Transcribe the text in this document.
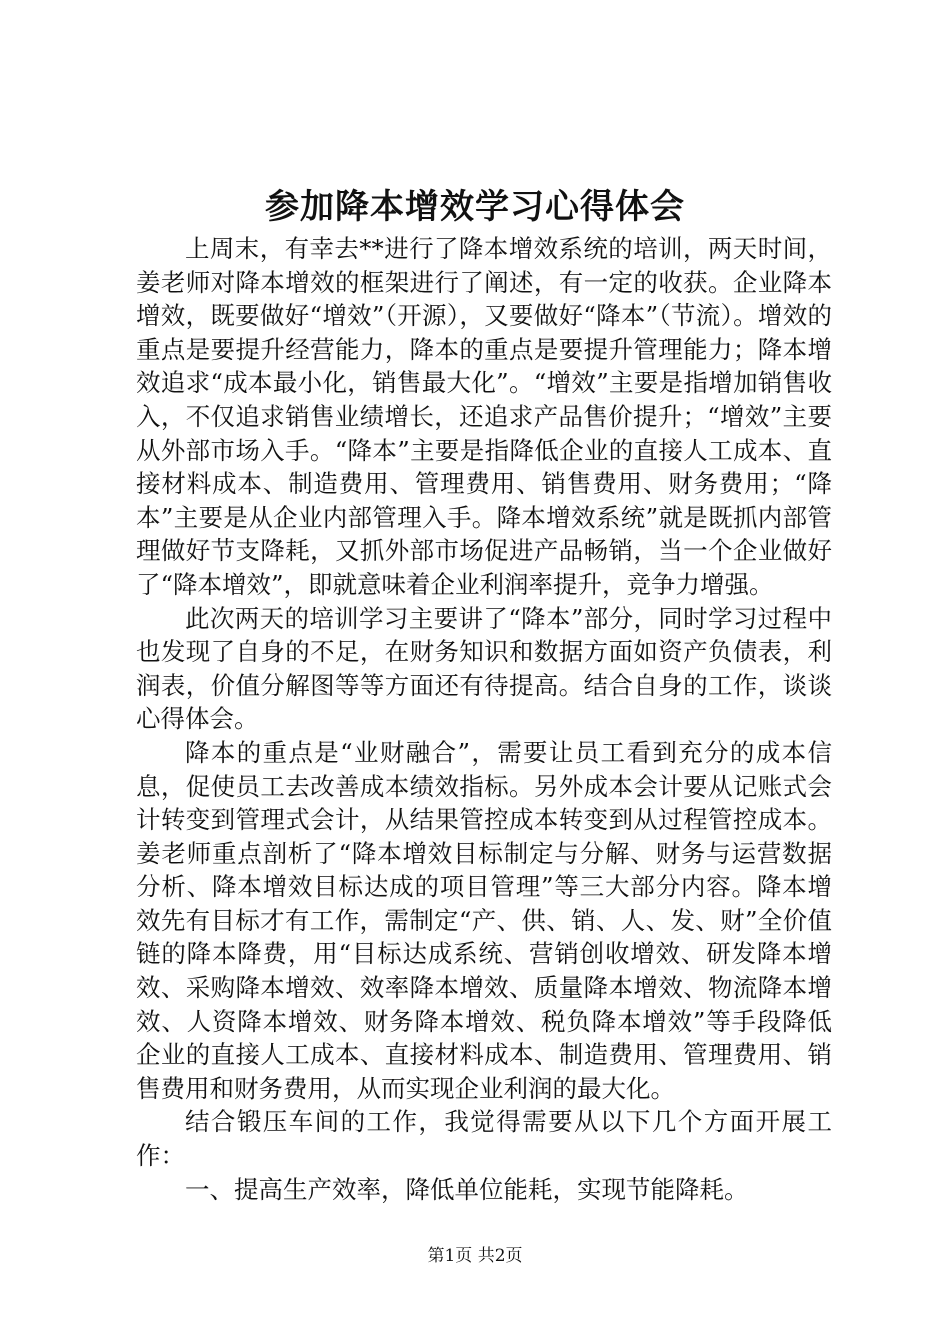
参加降本增效学习心得体会

上周末，有幸去**进行了降本增效系统的培训，两天时间，姜老师对降本增效的框架进行了阐述，有一定的收获。企业降本增效，既要做好“增效”（开源），又要做好“降本”（节流）。增效的重点是要提升经营能力，降本的重点是要提升管理能力；降本增效追求“成本最小化，销售最大化”。“增效”主要是指增加销售收入，不仅追求销售业绩增长，还追求产品售价提升；“增效”主要从外部市场入手。“降本”主要是指降低企业的直接人工成本、直接材料成本、制造费用、管理费用、销售费用、财务费用；“降本”主要是从企业内部管理入手。降本增效系统”就是既抓内部管理做好节支降耗，又抓外部市场促进产品畅销，当一个企业做好了“降本增效”，即就意味着企业利润率提升，竞争力增强。

此次两天的培训学习主要讲了“降本”部分，同时学习过程中也发现了自身的不足，在财务知识和数据方面如资产负债表，利润表，价值分解图等等方面还有待提高。结合自身的工作，谈谈心得体会。

降本的重点是“业财融合”，需要让员工看到充分的成本信息，促使员工去改善成本绩效指标。另外成本会计要从记账式会计转变到管理式会计，从结果管控成本转变到从过程管控成本。姜老师重点剖析了“降本增效目标制定与分解、财务与运营数据分析、降本增效目标达成的项目管理”等三大部分内容。降本增效先有目标才有工作，需制定“产、供、销、人、发、财”全价值链的降本降费，用“目标达成系统、营销创收增效、研发降本增效、采购降本增效、效率降本增效、质量降本增效、物流降本增效、人资降本增效、财务降本增效、税负降本增效”等手段降低企业的直接人工成本、直接材料成本、制造费用、管理费用、销售费用和财务费用，从而实现企业利润的最大化。

结合锻压车间的工作，我觉得需要从以下几个方面开展工作：

一、提高生产效率，降低单位能耗，实现节能降耗。

第1页 共2页
